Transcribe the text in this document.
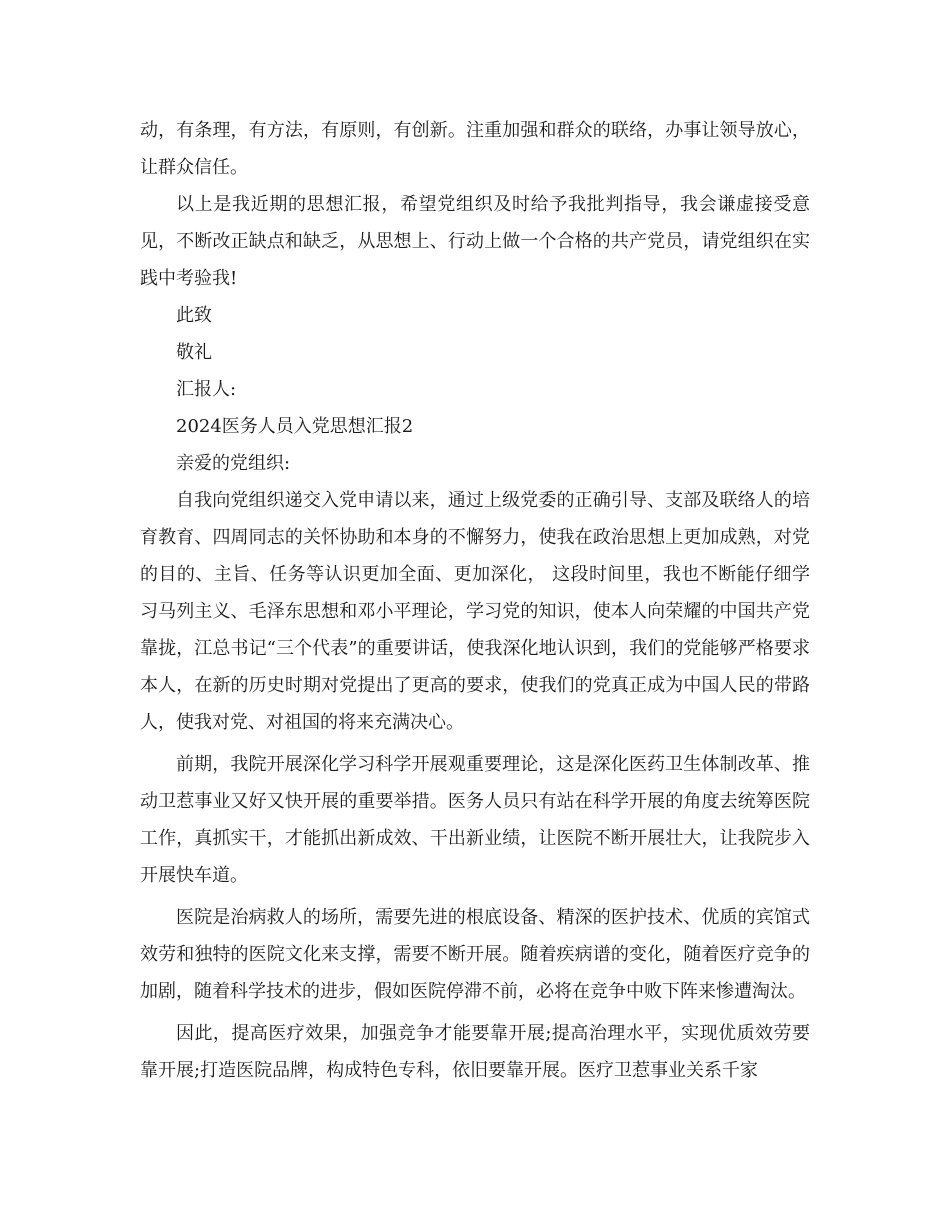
动，有条理，有方法，有原则，有创新。注重加强和群众的联络，办事让领导放心，让群众信任。

以上是我近期的思想汇报，希望党组织及时给予我批判指导，我会谦虚接受意见，不断改正缺点和缺乏，从思想上、行动上做一个合格的共产党员，请党组织在实践中考验我!

此致

敬礼

汇报人:

2024医务人员入党思想汇报2

亲爱的党组织:

自我向党组织递交入党申请以来，通过上级党委的正确引导、支部及联络人的培育教育、四周同志的关怀协助和本身的不懈努力，使我在政治思想上更加成熟，对党的目的、主旨、任务等认识更加全面、更加深化， 这段时间里，我也不断能仔细学习马列主义、毛泽东思想和邓小平理论，学习党的知识，使本人向荣耀的中国共产党靠拢，江总书记“三个代表”的重要讲话，使我深化地认识到，我们的党能够严格要求本人，在新的历史时期对党提出了更高的要求，使我们的党真正成为中国人民的带路人，使我对党、对祖国的将来充满决心。

前期，我院开展深化学习科学开展观重要理论，这是深化医药卫生体制改革、推动卫惹事业又好又快开展的重要举措。医务人员只有站在科学开展的角度去统筹医院工作，真抓实干，才能抓出新成效、干出新业绩，让医院不断开展壮大，让我院步入开展快车道。

医院是治病救人的场所，需要先进的根底设备、精深的医护技术、优质的宾馆式效劳和独特的医院文化来支撑，需要不断开展。随着疾病谱的变化，随着医疗竞争的加剧，随着科学技术的进步，假如医院停滞不前，必将在竞争中败下阵来惨遭淘汰。

因此，提高医疗效果，加强竞争才能要靠开展;提高治理水平，实现优质效劳要靠开展;打造医院品牌，构成特色专科，依旧要靠开展。医疗卫惹事业关系千家
